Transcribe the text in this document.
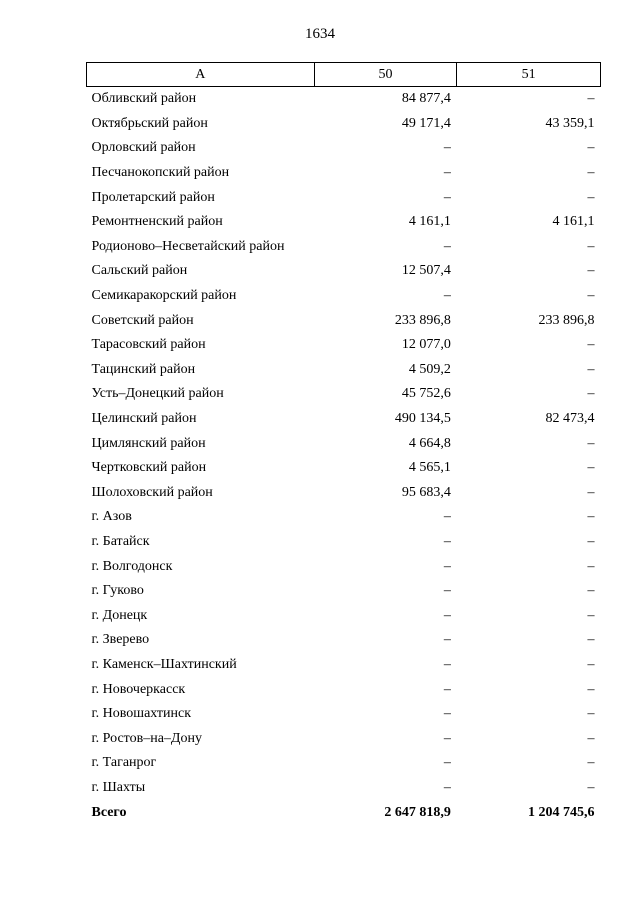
1634
А	50	51
Обливский район	84 877,4	–
Октябрьский район	49 171,4	43 359,1
Орловский район	–	–
Песчанокопский район	–	–
Пролетарский район	–	–
Ремонтненский район	4 161,1	4 161,1
Родионово–Несветайский район	–	–
Сальский район	12 507,4	–
Семикаракорский район	–	–
Советский район	233 896,8	233 896,8
Тарасовский район	12 077,0	–
Тацинский район	4 509,2	–
Усть–Донецкий район	45 752,6	–
Целинский район	490 134,5	82 473,4
Цимлянский район	4 664,8	–
Чертковский район	4 565,1	–
Шолоховский район	95 683,4	–
г. Азов	–	–
г. Батайск	–	–
г. Волгодонск	–	–
г. Гуково	–	–
г. Донецк	–	–
г. Зверево	–	–
г. Каменск–Шахтинский	–	–
г. Новочеркасск	–	–
г. Новошахтинск	–	–
г. Ростов–на–Дону	–	–
г. Таганрог	–	–
г. Шахты	–	–
Всего	2 647 818,9	1 204 745,6
